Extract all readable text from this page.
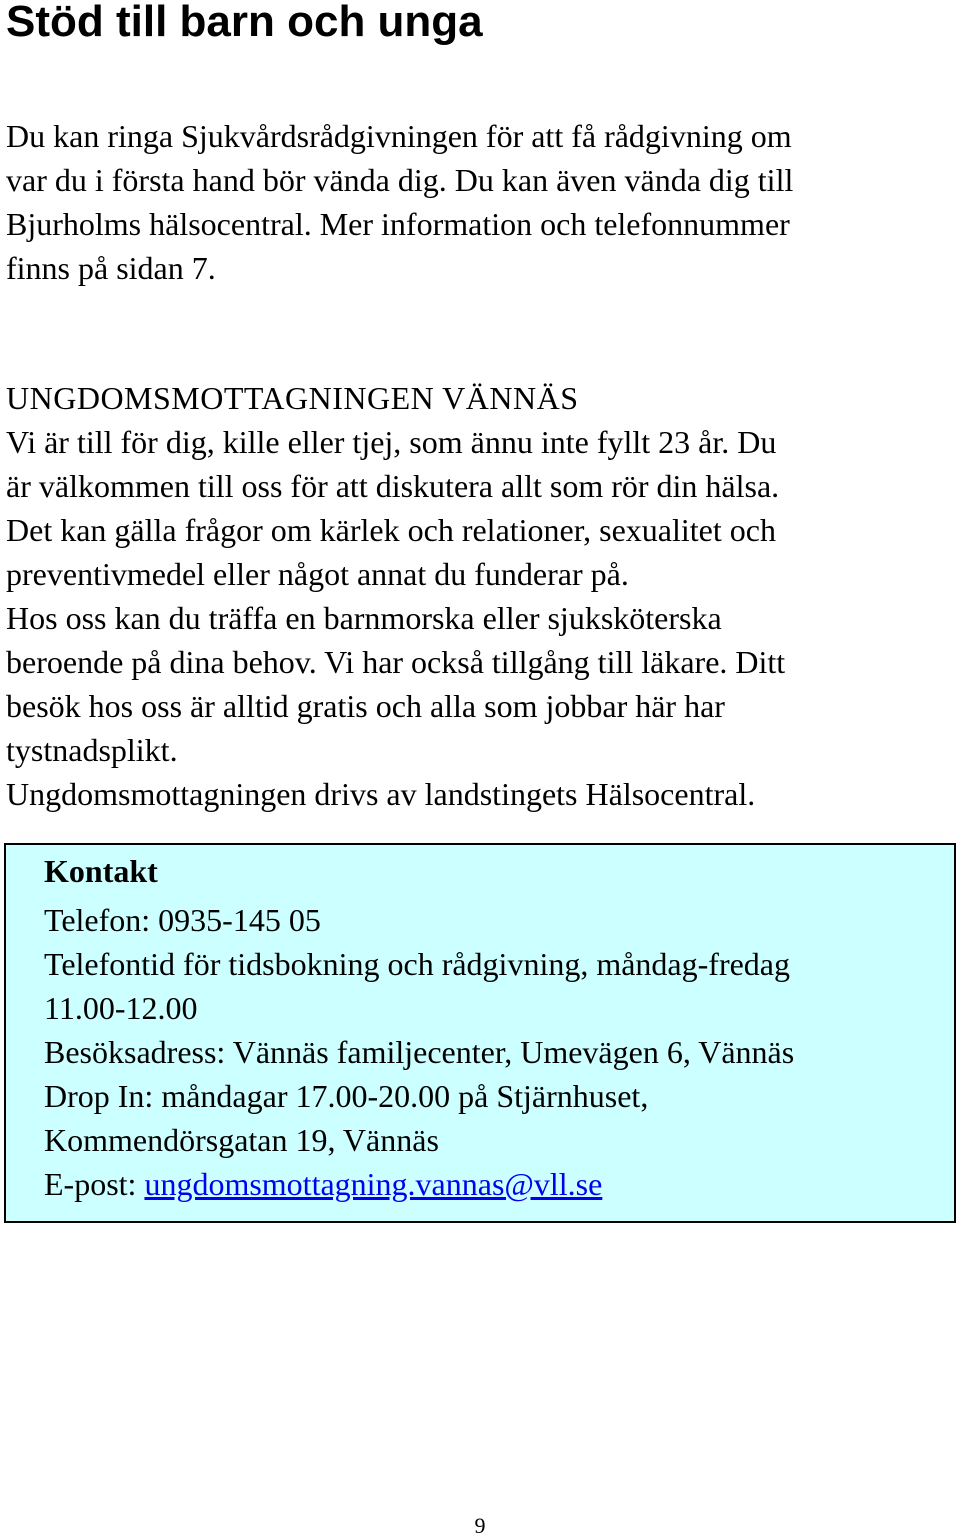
Stöd till barn och unga
Du kan ringa Sjukvårdsrådgivningen för att få rådgivning om
var du i första hand bör vända dig. Du kan även vända dig till
Bjurholms hälsocentral. Mer information och telefonnummer
finns på sidan 7.
UNGDOMSMOTTAGNINGEN VÄNNÄS
Vi är till för dig, kille eller tjej, som ännu inte fyllt 23 år. Du
är välkommen till oss för att diskutera allt som rör din hälsa.
Det kan gälla frågor om kärlek och relationer, sexualitet och
preventivmedel eller något annat du funderar på.
Hos oss kan du träffa en barnmorska eller sjuksköterska
beroende på dina behov. Vi har också tillgång till läkare. Ditt
besök hos oss är alltid gratis och alla som jobbar här har
tystnadsplikt.
Ungdomsmottagningen drivs av landstingets Hälsocentral.
Kontakt
Telefon: 0935-145 05
Telefontid för tidsbokning och rådgivning, måndag-fredag
11.00-12.00
Besöksadress: Vännäs familjecenter, Umevägen 6, Vännäs
Drop In: måndagar 17.00-20.00 på Stjärnhuset,
Kommendörsgatan 19, Vännäs
E-post: ungdomsmottagning.vannas@vll.se
9
